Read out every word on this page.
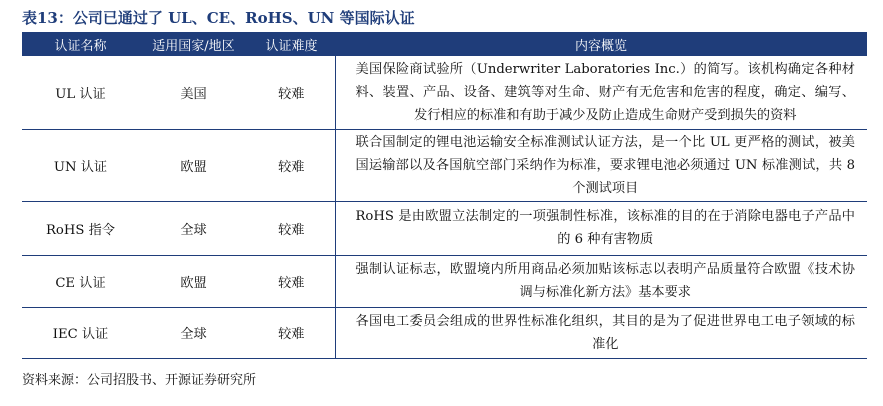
表13：公司已通过了 UL、CE、RoHS、UN 等国际认证
认证名称	适用国家/地区	认证难度	内容概览
UL 认证	美国	较难	美国保险商试验所（Underwriter Laboratories Inc.）的简写。该机构确定各种材料、装置、产品、设备、建筑等对生命、财产有无危害和危害的程度，确定、编写、发行相应的标准和有助于减少及防止造成生命财产受到损失的资料
UN 认证	欧盟	较难	联合国制定的锂电池运输安全标准测试认证方法，是一个比 UL 更严格的测试，被美国运输部以及各国航空部门采纳作为标准，要求锂电池必须通过 UN 标准测试，共 8 个测试项目
RoHS 指令	全球	较难	RoHS 是由欧盟立法制定的一项强制性标准，该标准的目的在于消除电器电子产品中的 6 种有害物质
CE 认证	欧盟	较难	强制认证标志，欧盟境内所用商品必须加贴该标志以表明产品质量符合欧盟《技术协调与标准化新方法》基本要求
IEC 认证	全球	较难	各国电工委员会组成的世界性标准化组织，其目的是为了促进世界电工电子领域的标准化
资料来源：公司招股书、开源证券研究所
